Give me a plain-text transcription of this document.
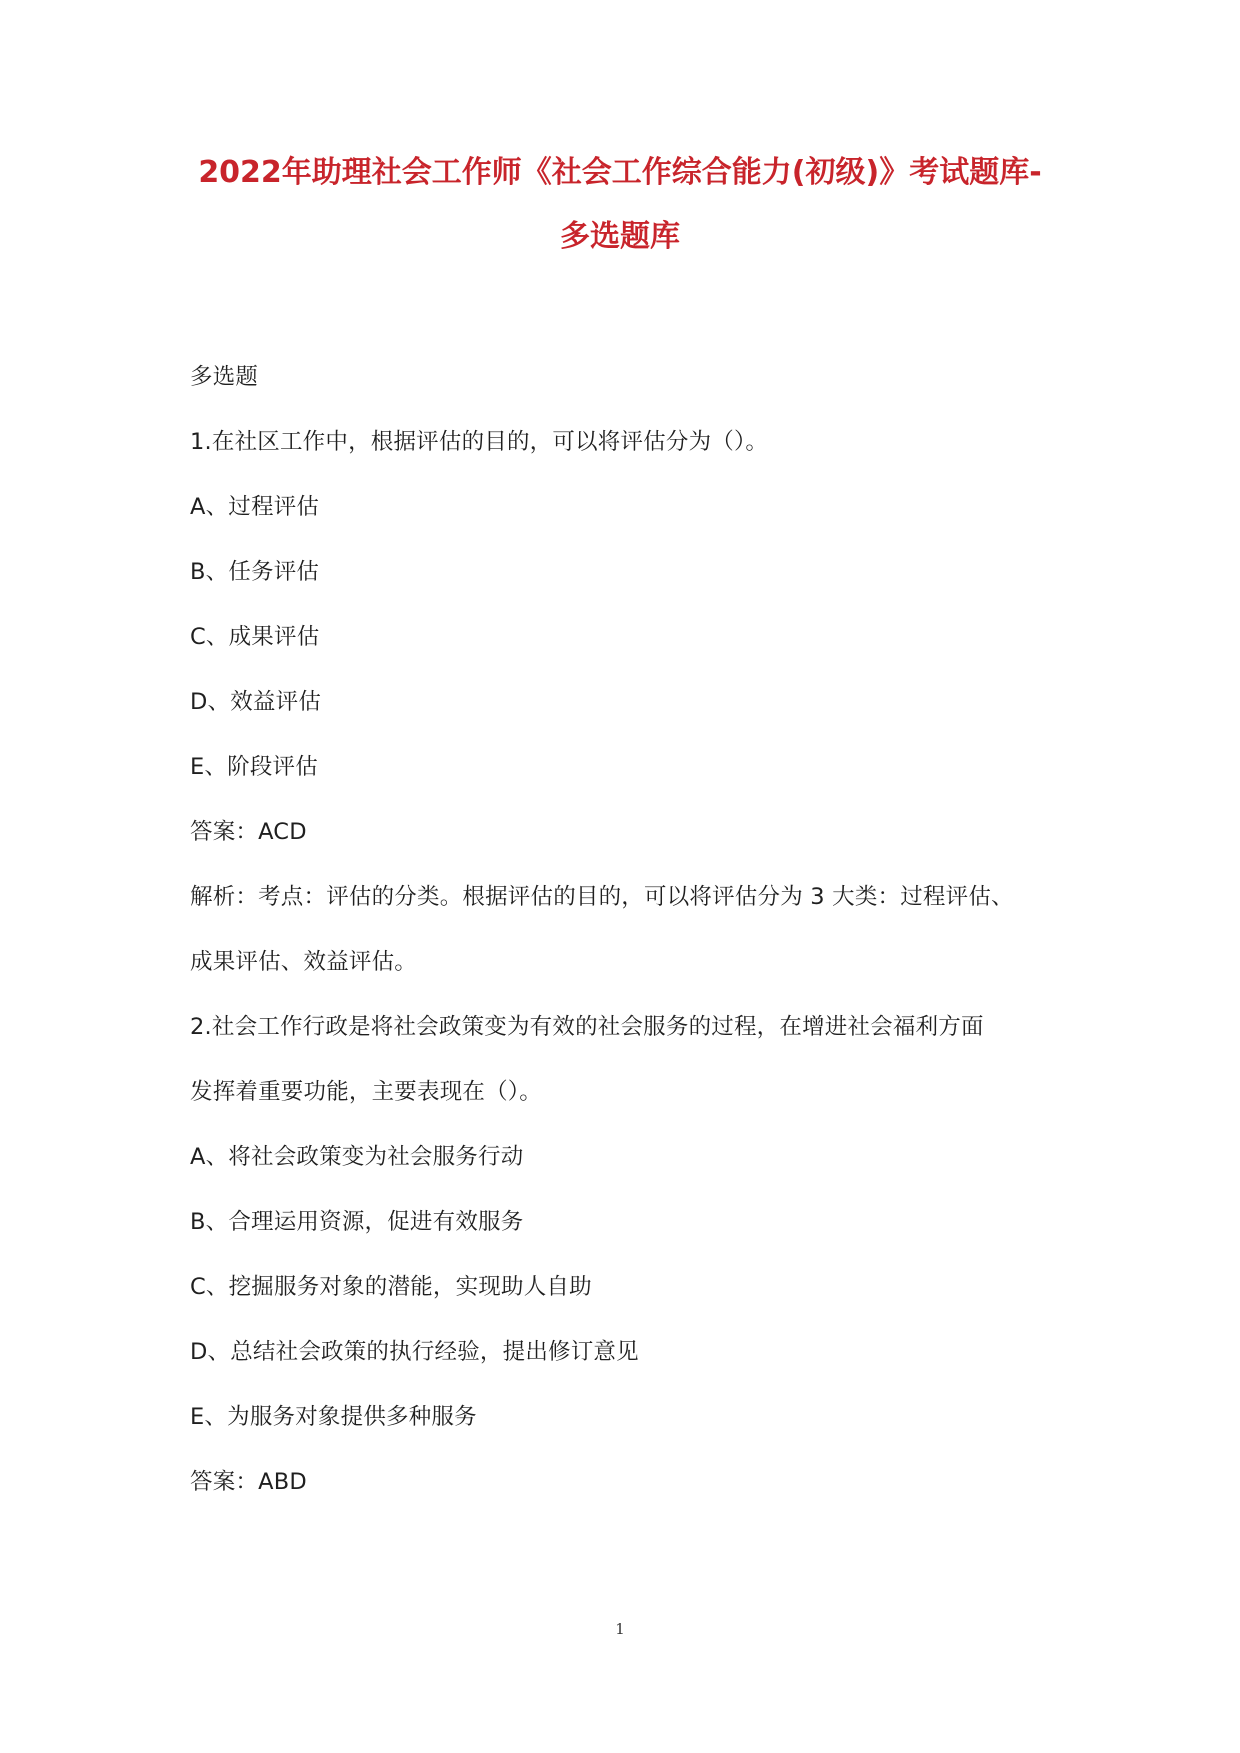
2022年助理社会工作师《社会工作综合能力(初级)》考试题库-
多选题库
多选题
1.在社区工作中，根据评估的目的，可以将评估分为（）。
A、过程评估
B、任务评估
C、成果评估
D、效益评估
E、阶段评估
答案：ACD
解析：考点：评估的分类。根据评估的目的，可以将评估分为 3 大类：过程评估、
成果评估、效益评估。
2.社会工作行政是将社会政策变为有效的社会服务的过程，在增进社会福利方面
发挥着重要功能，主要表现在（）。
A、将社会政策变为社会服务行动
B、合理运用资源，促进有效服务
C、挖掘服务对象的潜能，实现助人自助
D、总结社会政策的执行经验，提出修订意见
E、为服务对象提供多种服务
答案：ABD
1
